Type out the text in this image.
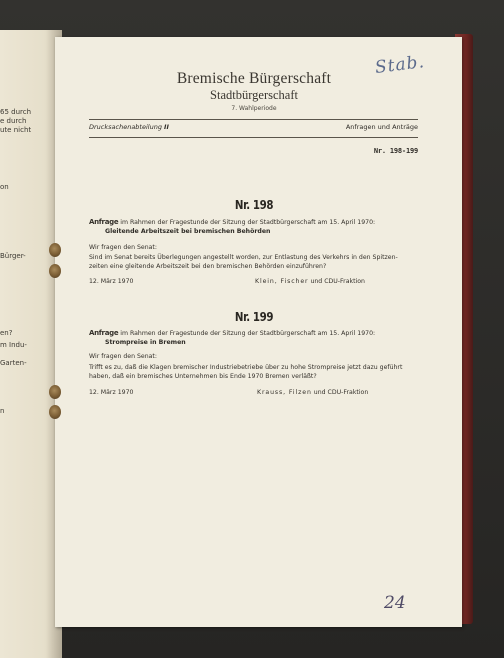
65 durch
e durch
ute nicht
on
Bürger-
en?
m Indu-
Garten-
n
Stab.
Bremische Bürgerschaft
Stadtbürgerschaft
7. Wahlperiode
Drucksachenabteilung II	Anfragen und Anträge
Nr. 198-199
Nr. 198
Anfrage im Rahmen der Fragestunde der Sitzung der Stadtbürgerschaft am 15. April 1970:
Gleitende Arbeitszeit bei bremischen Behörden
Wir fragen den Senat:
Sind im Senat bereits Überlegungen angestellt worden, zur Entlastung des Verkehrs in den Spitzen-
zeiten eine gleitende Arbeitszeit bei den bremischen Behörden einzuführen?
12. März 1970	Klein, Fischer und CDU-Fraktion
Nr. 199
Anfrage im Rahmen der Fragestunde der Sitzung der Stadtbürgerschaft am 15. April 1970:
Strompreise in Bremen
Wir fragen den Senat:
Trifft es zu, daß die Klagen bremischer Industriebetriebe über zu hohe Strompreise jetzt dazu geführt
haben, daß ein bremisches Unternehmen bis Ende 1970 Bremen verläßt?
12. März 1970	Krauss, Filzen und CDU-Fraktion
24
